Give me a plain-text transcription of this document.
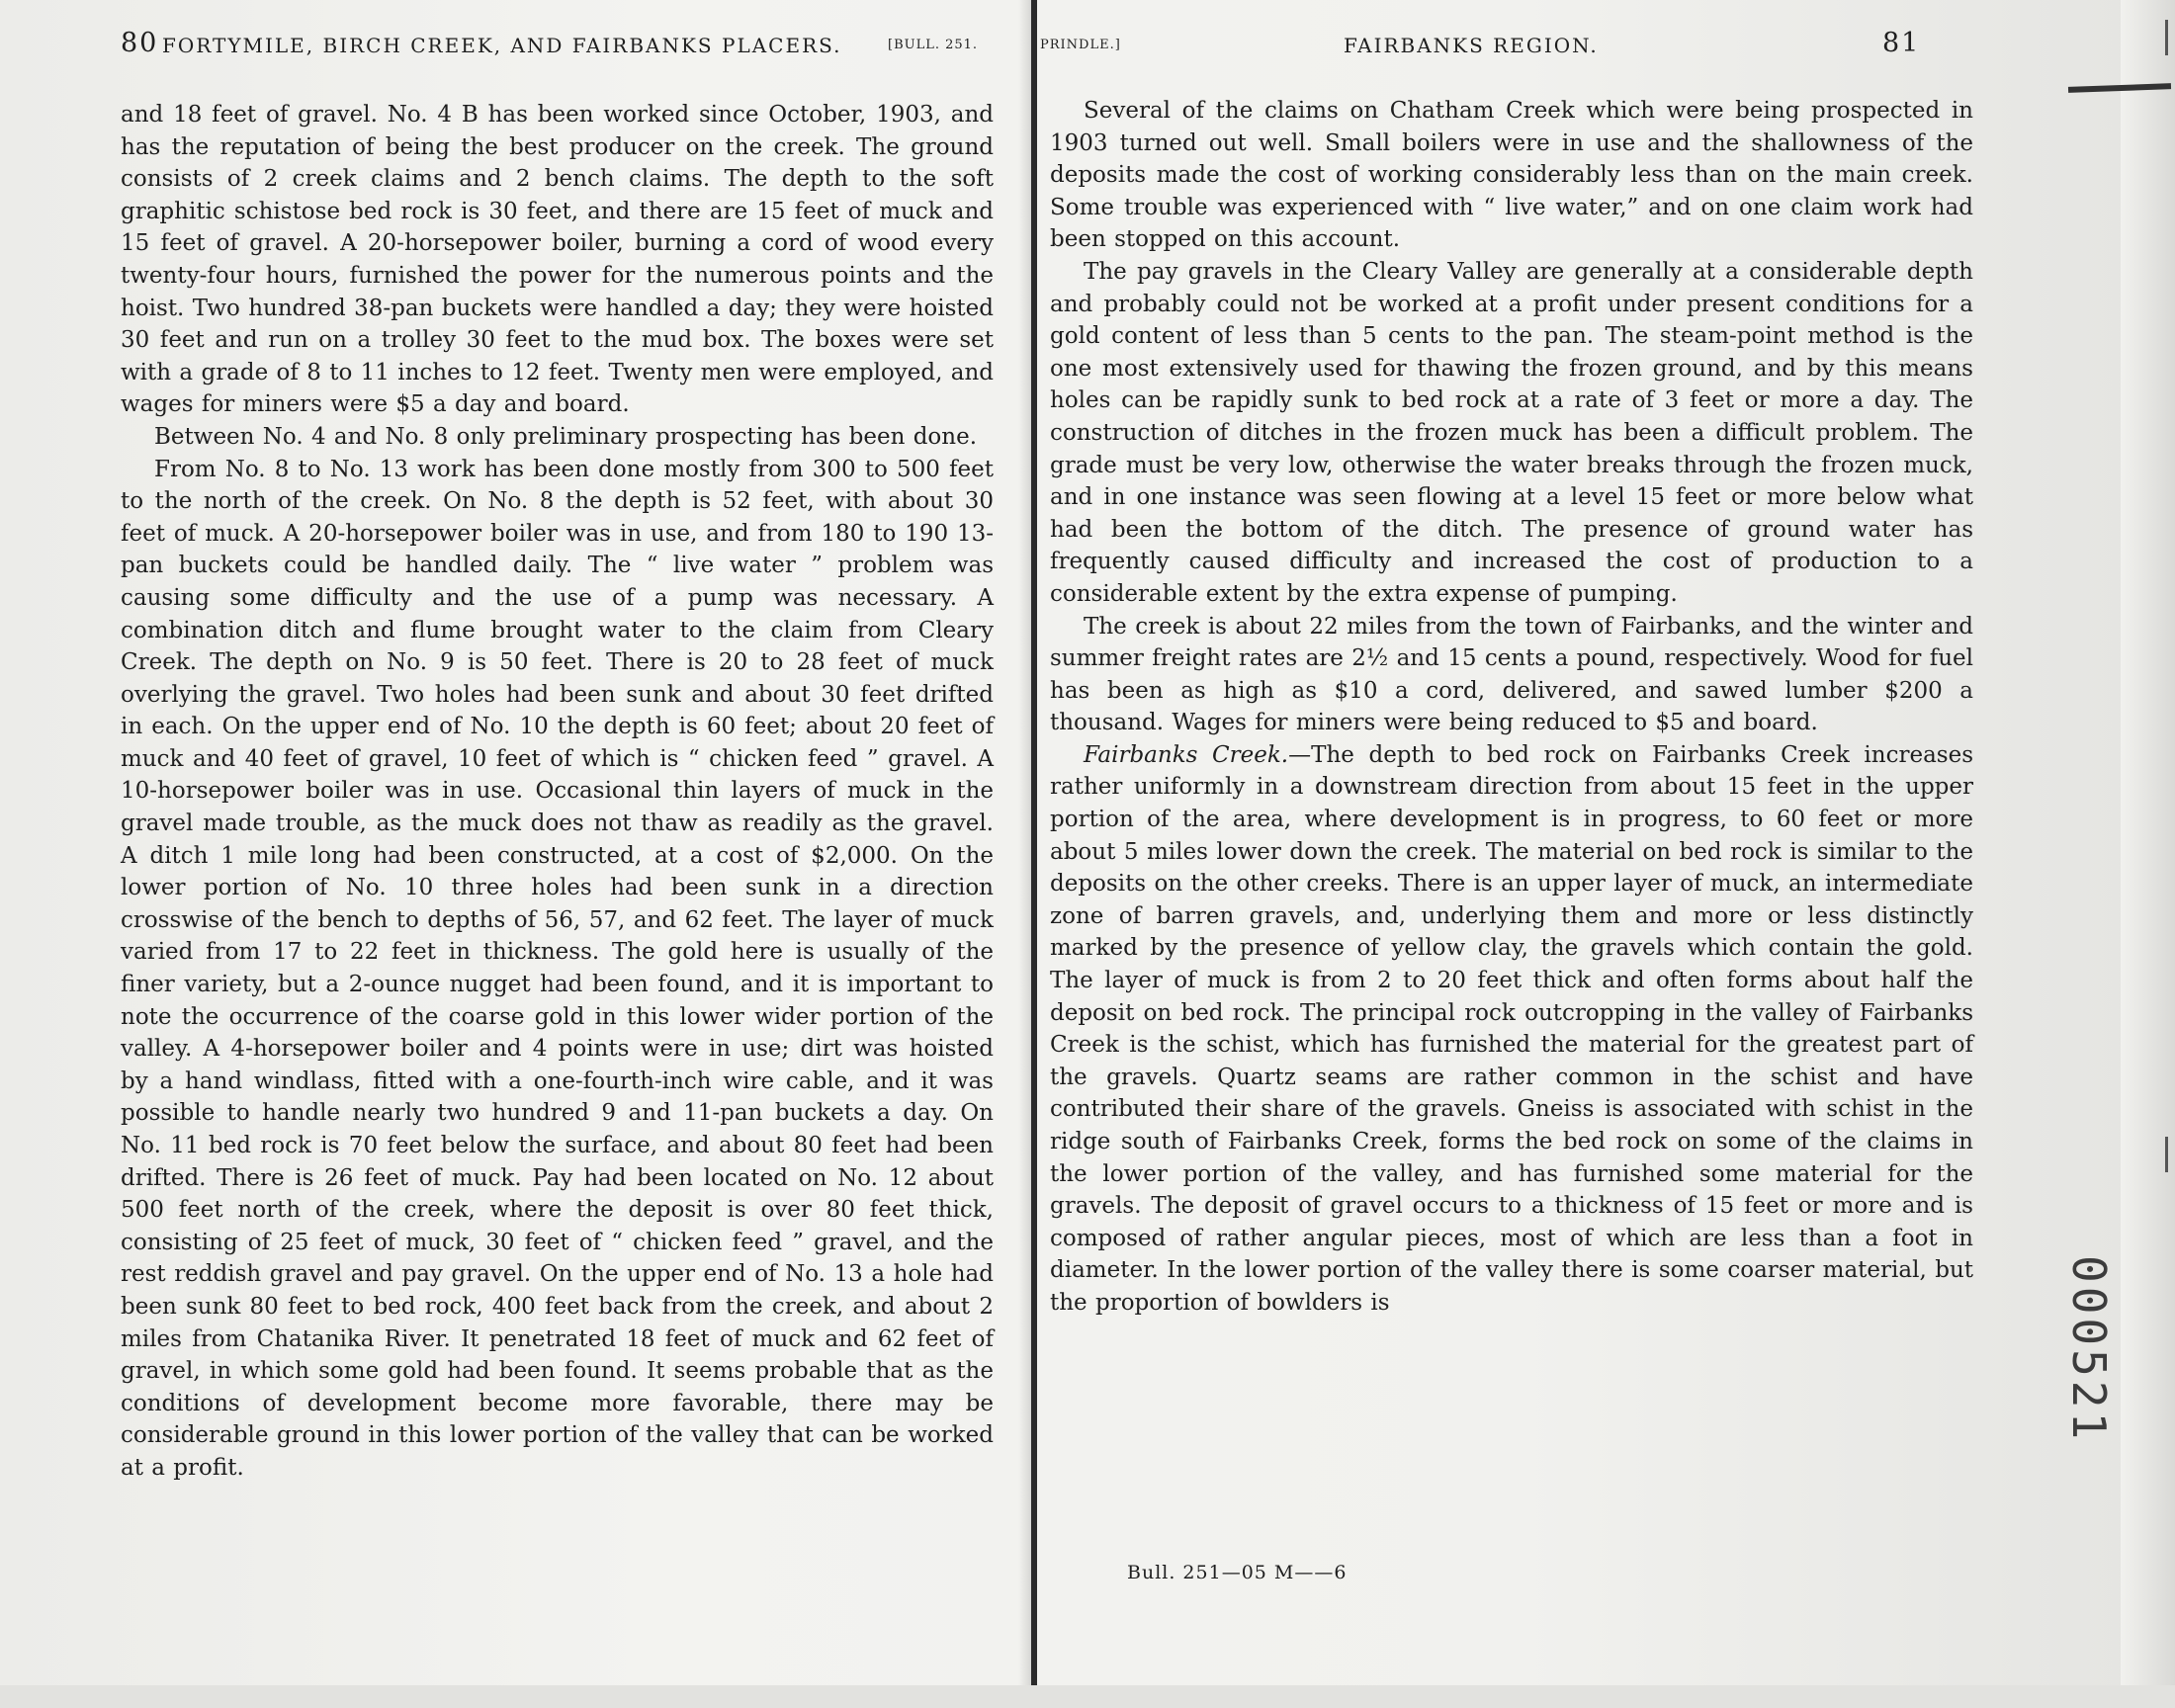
80 FORTYMILE, BIRCH CREEK, AND FAIRBANKS PLACERS.	[BULL. 251.

and 18 feet of gravel. No. 4 B has been worked since October, 1903, and has the reputation of being the best producer on the creek. The ground consists of 2 creek claims and 2 bench claims. The depth to the soft graphitic schistose bed rock is 30 feet, and there are 15 feet of muck and 15 feet of gravel. A 20-horsepower boiler, burning a cord of wood every twenty-four hours, furnished the power for the numerous points and the hoist. Two hundred 38-pan buckets were handled a day; they were hoisted 30 feet and run on a trolley 30 feet to the mud box. The boxes were set with a grade of 8 to 11 inches to 12 feet. Twenty men were employed, and wages for miners were $5 a day and board.

Between No. 4 and No. 8 only preliminary prospecting has been done.

From No. 8 to No. 13 work has been done mostly from 300 to 500 feet to the north of the creek. On No. 8 the depth is 52 feet, with about 30 feet of muck. A 20-horsepower boiler was in use, and from 180 to 190 13-pan buckets could be handled daily. The “ live water ” problem was causing some difficulty and the use of a pump was necessary. A combination ditch and flume brought water to the claim from Cleary Creek. The depth on No. 9 is 50 feet. There is 20 to 28 feet of muck overlying the gravel. Two holes had been sunk and about 30 feet drifted in each. On the upper end of No. 10 the depth is 60 feet; about 20 feet of muck and 40 feet of gravel, 10 feet of which is “ chicken feed ” gravel. A 10-horsepower boiler was in use. Occasional thin layers of muck in the gravel made trouble, as the muck does not thaw as readily as the gravel. A ditch 1 mile long had been constructed, at a cost of $2,000. On the lower portion of No. 10 three holes had been sunk in a direction crosswise of the bench to depths of 56, 57, and 62 feet. The layer of muck varied from 17 to 22 feet in thickness. The gold here is usually of the finer variety, but a 2-ounce nugget had been found, and it is important to note the occurrence of the coarse gold in this lower wider portion of the valley. A 4-horsepower boiler and 4 points were in use; dirt was hoisted by a hand windlass, fitted with a one-fourth-inch wire cable, and it was possible to handle nearly two hundred 9 and 11-pan buckets a day. On No. 11 bed rock is 70 feet below the surface, and about 80 feet had been drifted. There is 26 feet of muck. Pay had been located on No. 12 about 500 feet north of the creek, where the deposit is over 80 feet thick, consisting of 25 feet of muck, 30 feet of “ chicken feed ” gravel, and the rest reddish gravel and pay gravel. On the upper end of No. 13 a hole had been sunk 80 feet to bed rock, 400 feet back from the creek, and about 2 miles from Chatanika River. It penetrated 18 feet of muck and 62 feet of gravel, in which some gold had been found. It seems probable that as the conditions of development become more favorable, there may be considerable ground in this lower portion of the valley that can be worked at a profit.

PRINDLE.]	FAIRBANKS REGION.	81

Several of the claims on Chatham Creek which were being prospected in 1903 turned out well. Small boilers were in use and the shallowness of the deposits made the cost of working considerably less than on the main creek. Some trouble was experienced with “ live water,” and on one claim work had been stopped on this account.

The pay gravels in the Cleary Valley are generally at a considerable depth and probably could not be worked at a profit under present conditions for a gold content of less than 5 cents to the pan. The steam-point method is the one most extensively used for thawing the frozen ground, and by this means holes can be rapidly sunk to bed rock at a rate of 3 feet or more a day. The construction of ditches in the frozen muck has been a difficult problem. The grade must be very low, otherwise the water breaks through the frozen muck, and in one instance was seen flowing at a level 15 feet or more below what had been the bottom of the ditch. The presence of ground water has frequently caused difficulty and increased the cost of production to a considerable extent by the extra expense of pumping.

The creek is about 22 miles from the town of Fairbanks, and the winter and summer freight rates are 2½ and 15 cents a pound, respectively. Wood for fuel has been as high as $10 a cord, delivered, and sawed lumber $200 a thousand. Wages for miners were being reduced to $5 and board.

Fairbanks Creek.—The depth to bed rock on Fairbanks Creek increases rather uniformly in a downstream direction from about 15 feet in the upper portion of the area, where development is in progress, to 60 feet or more about 5 miles lower down the creek. The material on bed rock is similar to the deposits on the other creeks. There is an upper layer of muck, an intermediate zone of barren gravels, and, underlying them and more or less distinctly marked by the presence of yellow clay, the gravels which contain the gold. The layer of muck is from 2 to 20 feet thick and often forms about half the deposit on bed rock. The principal rock outcropping in the valley of Fairbanks Creek is the schist, which has furnished the material for the greatest part of the gravels. Quartz seams are rather common in the schist and have contributed their share of the gravels. Gneiss is associated with schist in the ridge south of Fairbanks Creek, forms the bed rock on some of the claims in the lower portion of the valley, and has furnished some material for the gravels. The deposit of gravel occurs to a thickness of 15 feet or more and is composed of rather angular pieces, most of which are less than a foot in diameter. In the lower portion of the valley there is some coarser material, but the proportion of bowlders is

Bull. 251—05 M——6
000521
